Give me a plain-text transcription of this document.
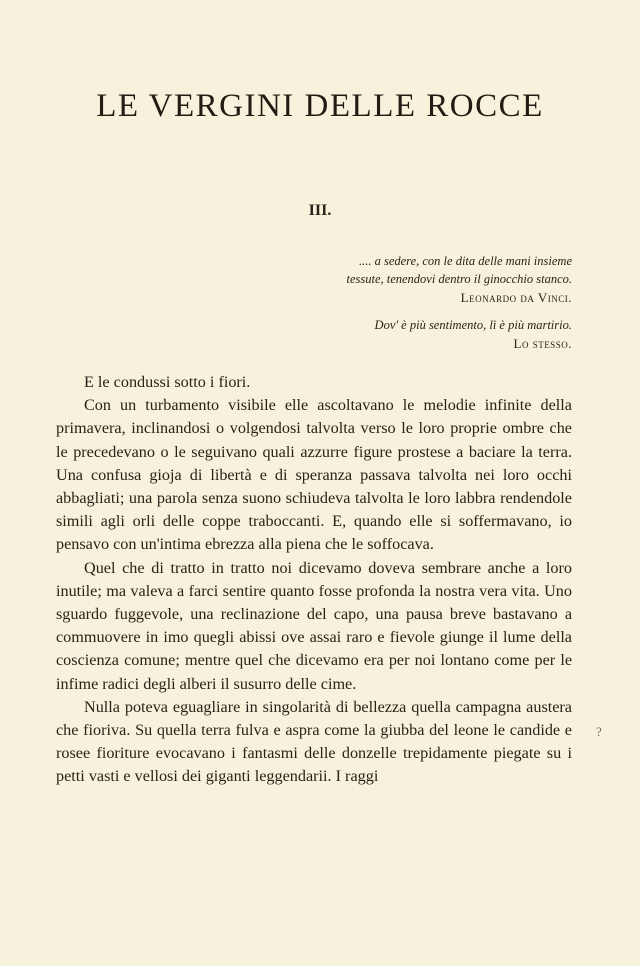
LE VERGINI DELLE ROCCE
III.
.... a sedere, con le dita delle mani insieme
tessute, tenendovi dentro il ginocchio stanco.
Leonardo da Vinci.
Dov' è più sentimento, lì è più martirio.
Lo stesso.

E le condussi sotto i fiori.

Con un turbamento visibile elle ascoltavano le melodie infinite della primavera, inclinandosi o volgendosi talvolta verso le loro proprie ombre che le precedevano o le seguivano quali azzurre figure prostese a baciare la terra. Una confusa gioja di libertà e di speranza passava talvolta nei loro occhi abbagliati; una parola senza suono schiudeva talvolta le loro labbra rendendole simili agli orli delle coppe traboccanti. E, quando elle si soffermavano, io pensavo con un'intima ebrezza alla piena che le soffocava.

Quel che di tratto in tratto noi dicevamo doveva sembrare anche a loro inutile; ma valeva a farci sentire quanto fosse profonda la nostra vera vita. Uno sguardo fuggevole, una reclinazione del capo, una pausa breve bastavano a commuovere in imo quegli abissi ove assai raro e fievole giunge il lume della coscienza comune; mentre quel che dicevamo era per noi lontano come per le infime radici degli alberi il susurro delle cime.

Nulla poteva eguagliare in singolarità di bellezza quella campagna austera che fioriva. Su quella terra fulva e aspra come la giubba del leone le candide e rosee fioriture evocavano i fantasmi delle donzelle trepidamente piegate su i petti vasti e vellosi dei giganti leggendarii. I raggi

?
